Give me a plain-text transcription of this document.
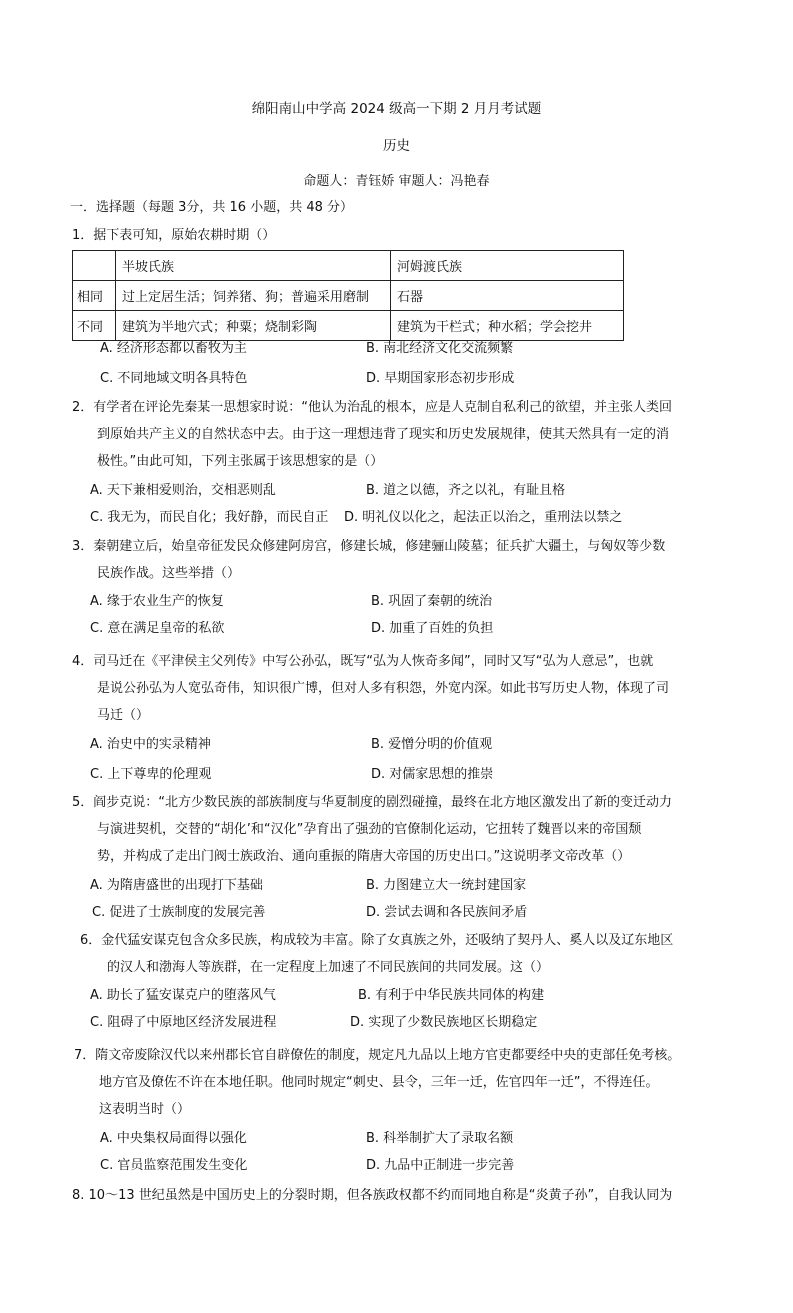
绵阳南山中学高 2024 级高一下期 2 月月考试题
历史
命题人：青钰娇 审题人：冯艳春
一．选择题（每题 3分，共 16 小题，共 48 分）
1．据下表可知，原始农耕时期（）
	半坡氏族	河姆渡氏族
相同	过上定居生活；饲养猪、狗；普遍采用磨制	石器
不同	建筑为半地穴式；种粟；烧制彩陶	建筑为干栏式；种水稻；学会挖井
A. 经济形态都以畜牧为主	B. 南北经济文化交流频繁
C. 不同地域文明各具特色	D. 早期国家形态初步形成
2．有学者在评论先秦某一思想家时说：“他认为治乱的根本，应是人克制自私利己的欲望，并主张人类回
到原始共产主义的自然状态中去。由于这一理想违背了现实和历史发展规律，使其天然具有一定的消
极性。”由此可知，下列主张属于该思想家的是（）
A. 天下兼相爱则治，交相恶则乱	B. 道之以德，齐之以礼，有耻且格
C. 我无为，而民自化；我好静，而民自正 D. 明礼仪以化之，起法正以治之，重刑法以禁之
3．秦朝建立后，始皇帝征发民众修建阿房宫，修建长城，修建骊山陵墓；征兵扩大疆土，与匈奴等少数
民族作战。这些举措（）
A. 缘于农业生产的恢复	B. 巩固了秦朝的统治
C. 意在满足皇帝的私欲	D. 加重了百姓的负担
4．司马迁在《平津侯主父列传》中写公孙弘，既写“弘为人恢奇多闻”，同时又写“弘为人意忌”，也就
是说公孙弘为人宽弘奇伟，知识很广博，但对人多有积怨，外宽内深。如此书写历史人物，体现了司
马迁（）
A. 治史中的实录精神	B. 爱憎分明的价值观
C. 上下尊卑的伦理观	D. 对儒家思想的推崇
5．阎步克说：“北方少数民族的部族制度与华夏制度的剧烈碰撞，最终在北方地区激发出了新的变迁动力
与演进契机，交替的“胡化’和“汉化”孕育出了强劲的官僚制化运动，它扭转了魏晋以来的帝国颓
势，并构成了走出门阀士族政治、通向重振的隋唐大帝国的历史出口。”这说明孝文帝改革（）
A. 为隋唐盛世的出现打下基础	B. 力图建立大一统封建国家
C. 促进了士族制度的发展完善	D. 尝试去调和各民族间矛盾
6．金代猛安谋克包含众多民族，构成较为丰富。除了女真族之外，还吸纳了契丹人、奚人以及辽东地区
的汉人和渤海人等族群，在一定程度上加速了不同民族间的共同发展。这（）
A. 助长了猛安谋克户的堕落风气	B. 有利于中华民族共同体的构建
C. 阻碍了中原地区经济发展进程	D. 实现了少数民族地区长期稳定
7．隋文帝废除汉代以来州郡长官自辟僚佐的制度，规定凡九品以上地方官吏都要经中央的吏部任免考核。
地方官及僚佐不许在本地任职。他同时规定“刺史、县令，三年一迁，佐官四年一迁”，不得连任。
这表明当时（）
A. 中央集权局面得以强化	B. 科举制扩大了录取名额
C. 官员监察范围发生变化	D. 九品中正制进一步完善
8. 10～13 世纪虽然是中国历史上的分裂时期，但各族政权都不约而同地自称是“炎黄子孙”，自我认同为
